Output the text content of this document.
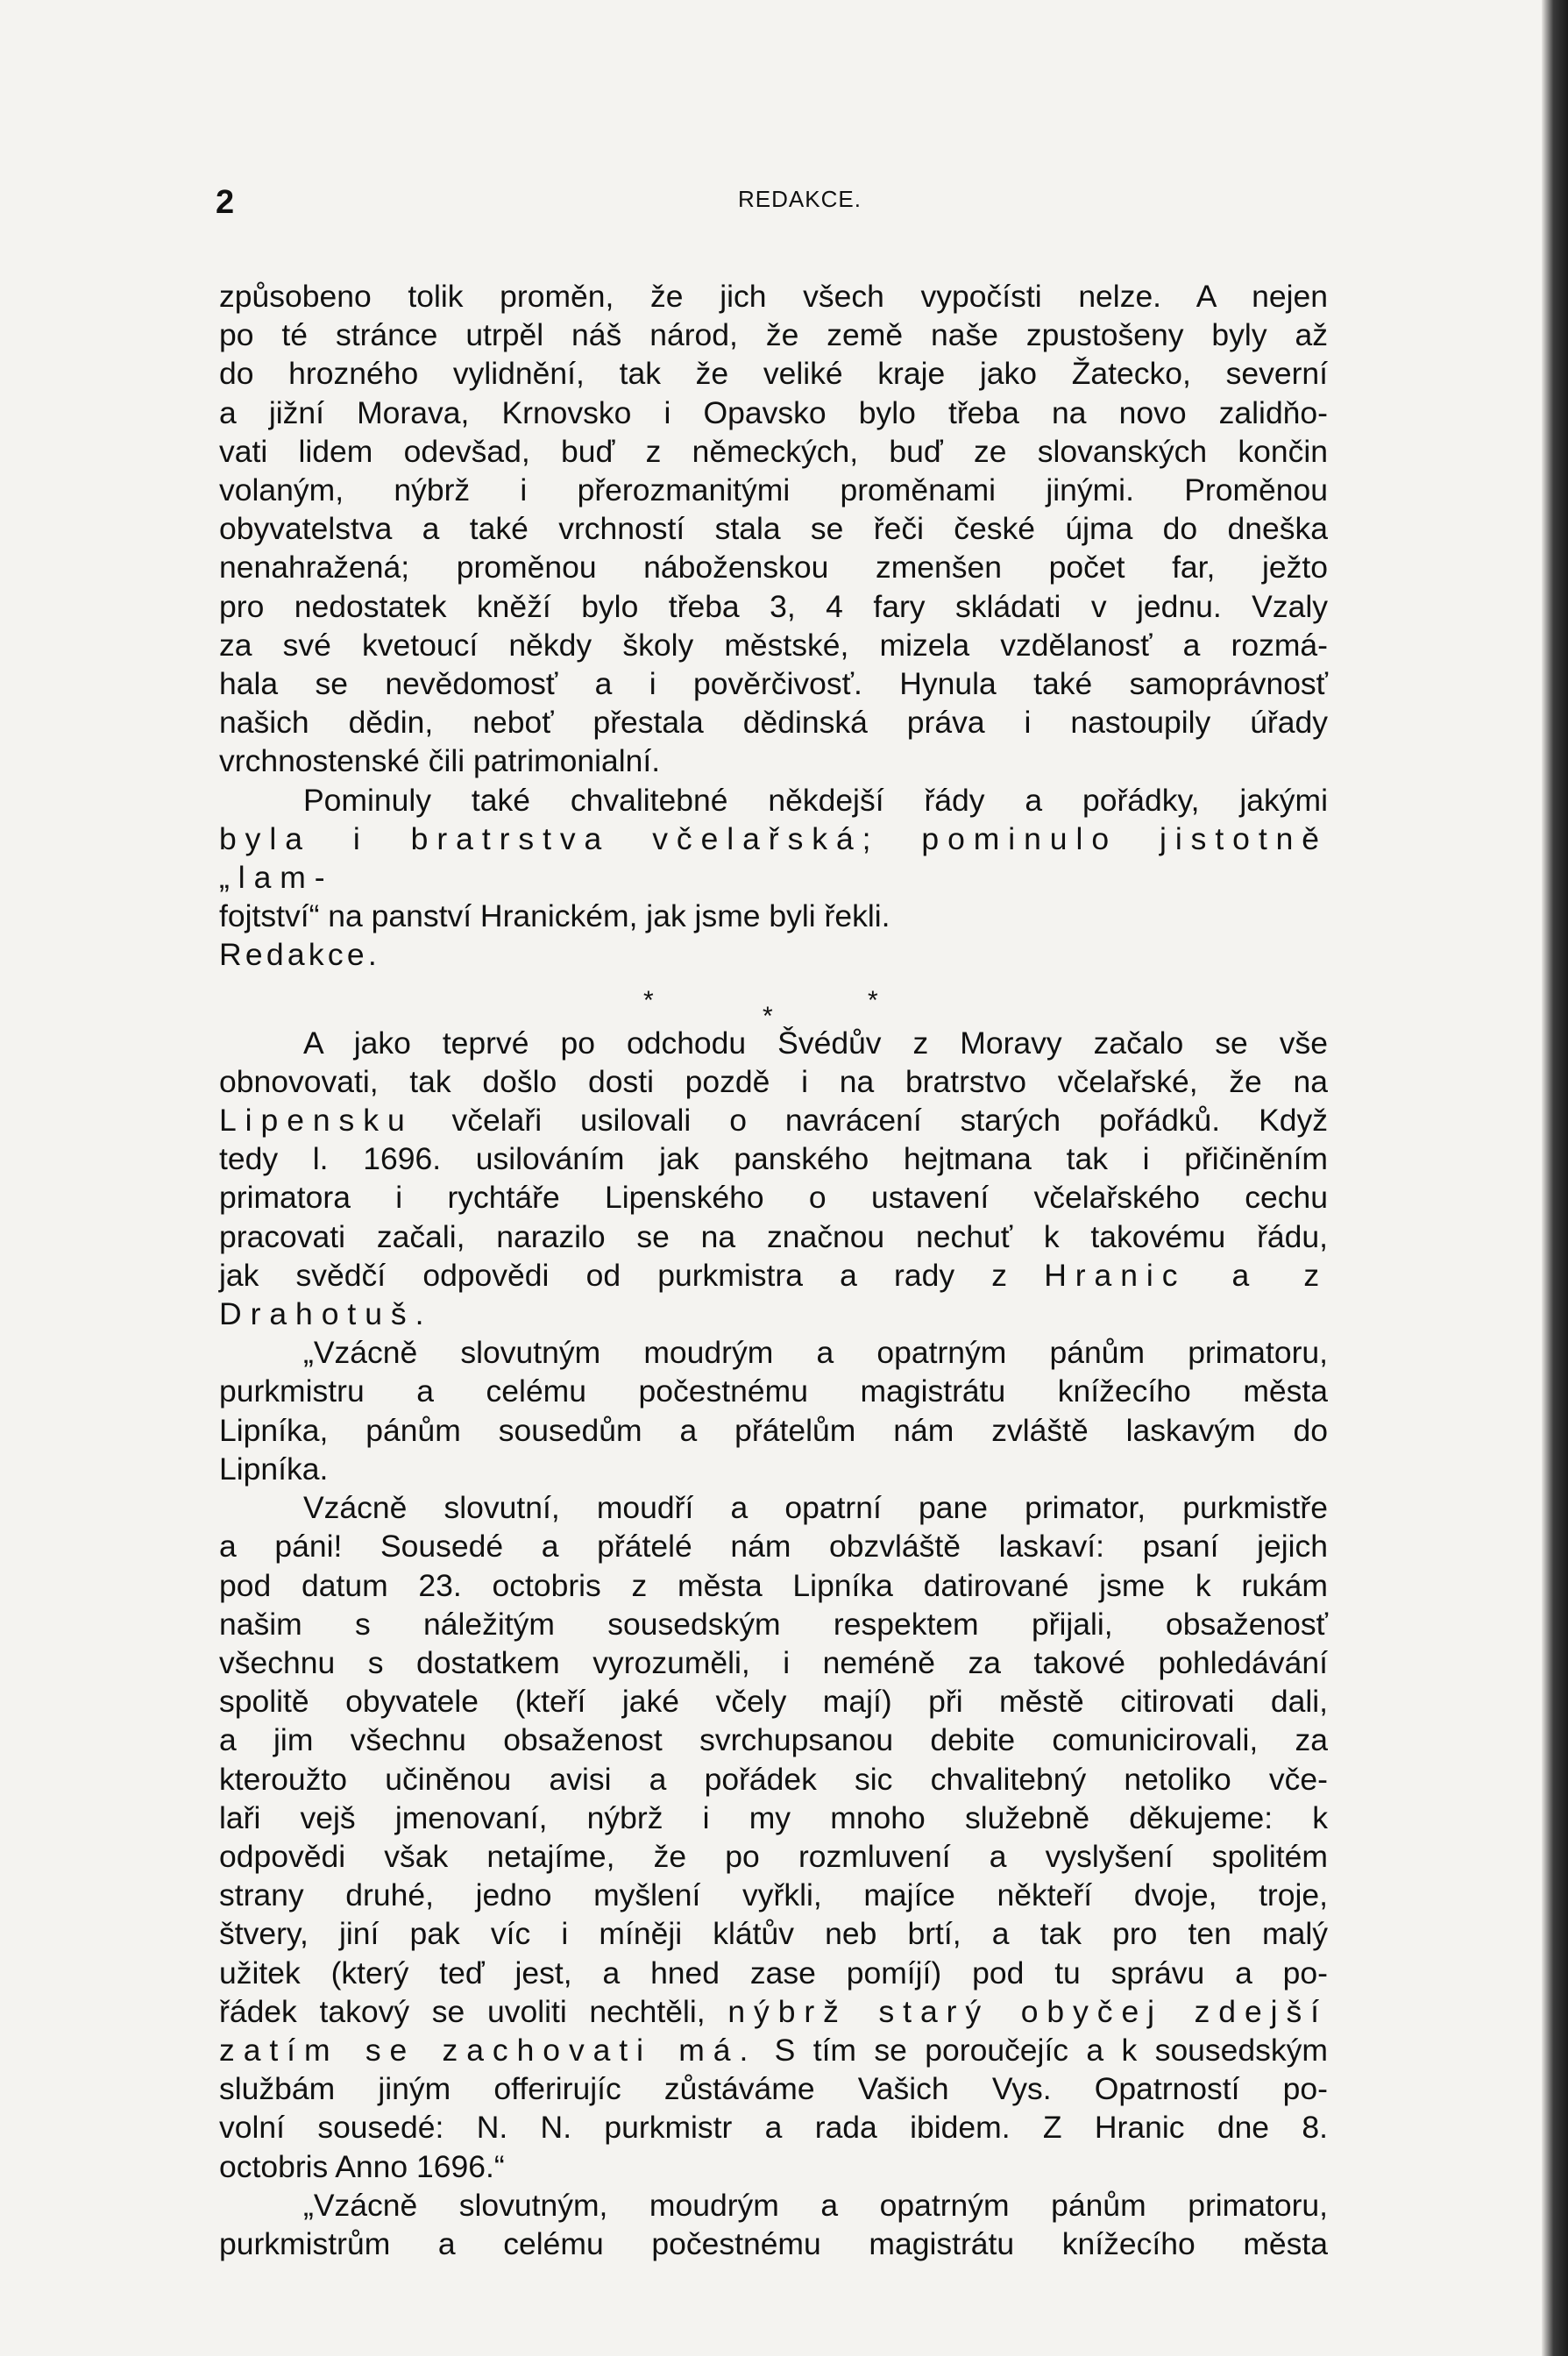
2	REDAKCE.

způsobeno tolik proměn, že jich všech vypočísti nelze. A nejen

po té stránce utrpěl náš národ, že země naše zpustošeny byly až

do hrozného vylidnění, tak že veliké kraje jako Žatecko, severní

a jižní Morava, Krnovsko i Opavsko bylo třeba na novo zalidňo-

vati lidem odevšad, buď z německých, buď ze slovanských končin

volaným, nýbrž i přerozmanitými proměnami jinými. Proměnou

obyvatelstva a také vrchností stala se řeči české újma do dneška

nenahražená; proměnou náboženskou zmenšen počet far, ježto

pro nedostatek kněží bylo třeba 3, 4 fary skládati v jednu. Vzaly

za své kvetoucí někdy školy městské, mizela vzdělanosť a rozmá-

hala se nevědomosť a i pověrčivosť. Hynula také samoprávnosť

našich dědin, neboť přestala dědinská práva i nastoupily úřady

vrchnostenské čili patrimonialní.

Pominuly také chvalitebné někdejší řády a pořádky, jakými

byla i bratrstva včelařská; pominulo jistotně „lam-

fojtství“ na panství Hranickém, jak jsme byli řekli.

Redakce.

*
*
*

A jako teprvé po odchodu Švédův z Moravy začalo se vše

obnovovati, tak došlo dosti pozdě i na bratrstvo včelařské, že na

Lipensku včelaři usilovali o navrácení starých pořádků. Když

tedy l. 1696. usilováním jak panského hejtmana tak i přičiněním

primatora i rychtáře Lipenského o ustavení včelařského cechu

pracovati začali, narazilo se na značnou nechuť k takovému řádu,

jak svědčí odpovědi od purkmistra a rady z Hranic a z

Drahotuš.

„Vzácně slovutným moudrým a opatrným pánům primatoru,

purkmistru a celému počestnému magistrátu knížecího města

Lipníka, pánům sousedům a přátelům nám zvláště laskavým do

Lipníka.

Vzácně slovutní, moudří a opatrní pane primator, purkmistře

a páni! Sousedé a přátelé nám obzvláště laskaví: psaní jejich

pod datum 23. octobris z města Lipníka datirované jsme k rukám

našim s náležitým sousedským respektem přijali, obsaženosť

všechnu s dostatkem vyrozuměli, i neméně za takové pohledávání

spolitě obyvatele (kteří jaké včely mají) při městě citirovati dali,

a jim všechnu obsaženost svrchupsanou debite comunicirovali, za

kteroužto učiněnou avisi a pořádek sic chvalitebný netoliko vče-

laři vejš jmenovaní, nýbrž i my mnoho služebně děkujeme: k

odpovědi však netajíme, že po rozmluvení a vyslyšení spolitém

strany druhé, jedno myšlení vyřkli, majíce někteří dvoje, troje,

štvery, jiní pak víc i míněji klátův neb brtí, a tak pro ten malý

užitek (který teď jest, a hned zase pomíjí) pod tu správu a po-

řádek takový se uvoliti nechtěli, nýbrž starý obyčej zdejší

zatím se zachovati má. S tím se poroučejíc a k sousedským

službám jiným offerirujíc zůstáváme Vašich Vys. Opatrností po-

volní sousedé: N. N. purkmistr a rada ibidem. Z Hranic dne 8.

octobris Anno 1696.“

„Vzácně slovutným, moudrým a opatrným pánům primatoru,

purkmistrům a celému počestnému magistrátu knížecího města
